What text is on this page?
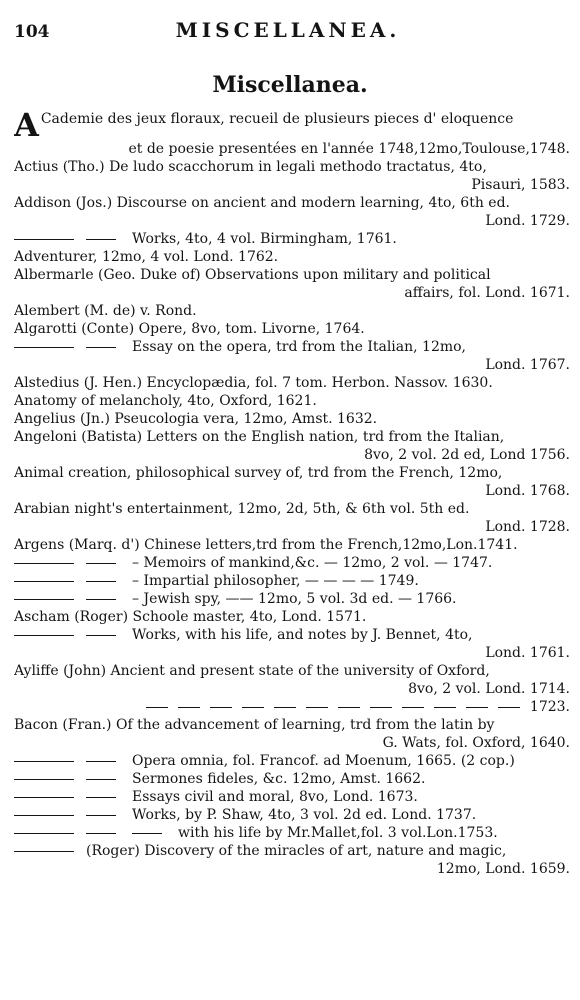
104	MISCELLANEA.
Miscellanea.
A Cademie des jeux floraux, recueil de plusieurs pieces d' eloquence
et de poesie presentées en l'année 1748,12mo,Toulouse,1748.
Actius (Tho.) De ludo scacchorum in legali methodo tractatus, 4to,
Pisauri, 1583.
Addison (Jos.) Discourse on ancient and modern learning, 4to, 6th ed.
Lond. 1729.
Works, 4to, 4 vol. Birmingham, 1761.
Adventurer, 12mo, 4 vol. Lond. 1762.
Albermarle (Geo. Duke of) Observations upon military and political
affairs, fol. Lond. 1671.
Alembert (M. de) v. Rond.
Algarotti (Conte) Opere, 8vo, tom. Livorne, 1764.
Essay on the opera, trd from the Italian, 12mo,
Lond. 1767.
Alstedius (J. Hen.) Encyclopædia, fol. 7 tom. Herbon. Nassov. 1630.
Anatomy of melancholy, 4to, Oxford, 1621.
Angelius (Jn.) Pseucologia vera, 12mo, Amst. 1632.
Angeloni (Batista) Letters on the English nation, trd from the Italian,
8vo, 2 vol. 2d ed, Lond 1756.
Animal creation, philosophical survey of, trd from the French, 12mo,
Lond. 1768.
Arabian night's entertainment, 12mo, 2d, 5th, & 6th vol. 5th ed.
Lond. 1728.
Argens (Marq. d') Chinese letters,trd from the French,12mo,Lon.1741.
– Memoirs of mankind,&c. — 12mo, 2 vol. — 1747.
– Impartial philosopher, — — — — 1749.
– Jewish spy, —— 12mo, 5 vol. 3d ed. — 1766.
Ascham (Roger) Schoole master, 4to, Lond. 1571.
Works, with his life, and notes by J. Bennet, 4to,
Lond. 1761.
Ayliffe (John) Ancient and present state of the university of Oxford,
8vo, 2 vol. Lond. 1714.
1723.
Bacon (Fran.) Of the advancement of learning, trd from the latin by
G. Wats, fol. Oxford, 1640.
Opera omnia, fol. Francof. ad Moenum, 1665. (2 cop.)
Sermones fideles, &c. 12mo, Amst. 1662.
Essays civil and moral, 8vo, Lond. 1673.
Works, by P. Shaw, 4to, 3 vol. 2d ed. Lond. 1737.
with his life by Mr.Mallet,fol. 3 vol.Lon.1753.
(Roger) Discovery of the miracles of art, nature and magic,
12mo, Lond. 1659.
